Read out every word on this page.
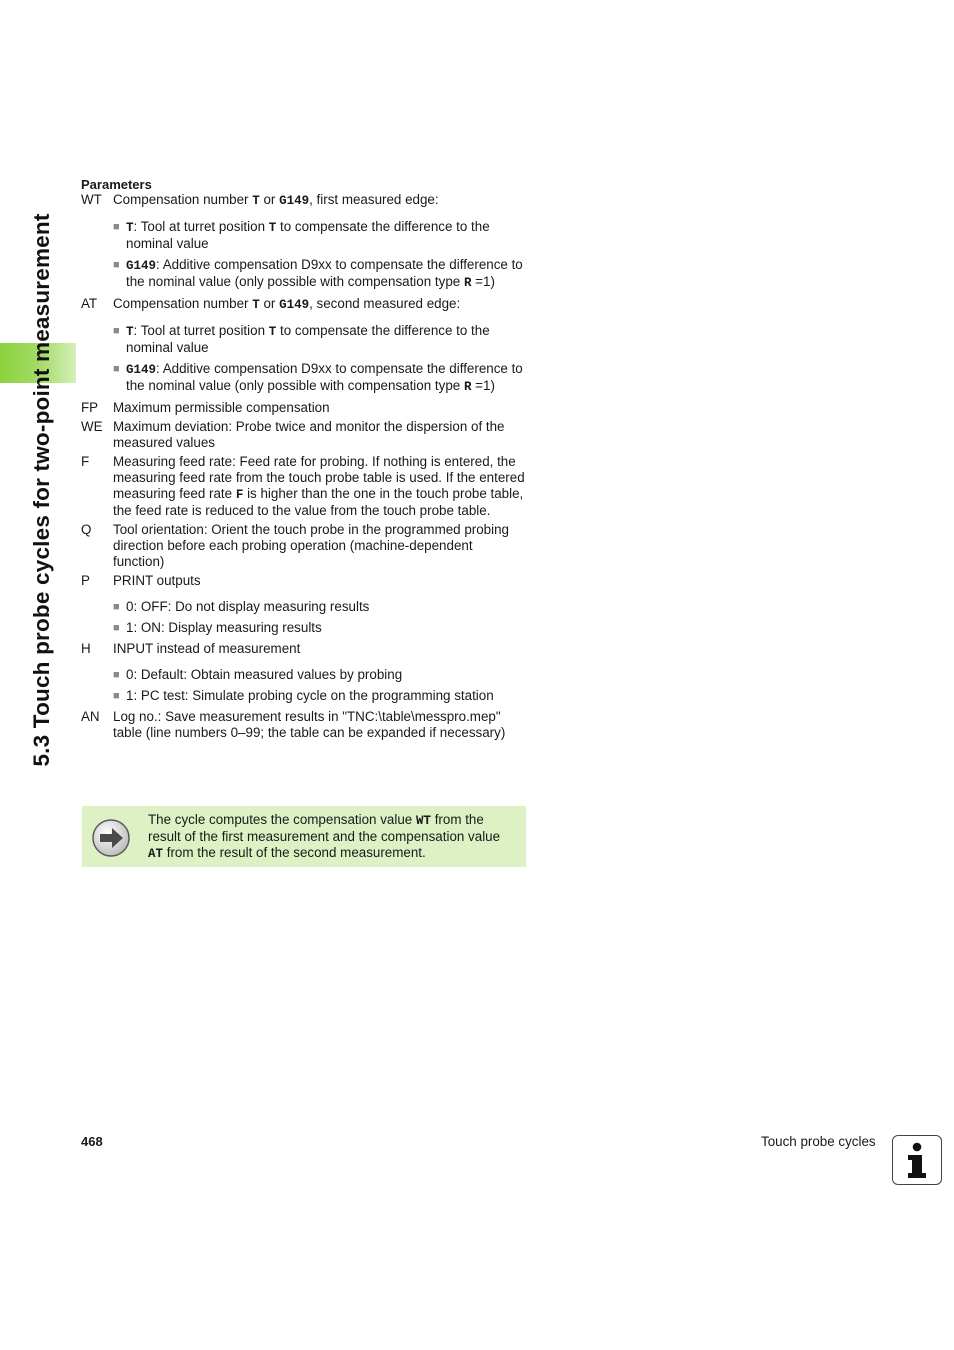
5.3 Touch probe cycles for two-point measurement
Parameters
WT Compensation number T or G149, first measured edge:
■ T: Tool at turret position T to compensate the difference to the nominal value
■ G149: Additive compensation D9xx to compensate the difference to the nominal value (only possible with compensation type R =1)
AT	Compensation number T or G149, second measured edge:
■ T: Tool at turret position T to compensate the difference to the nominal value
■ G149: Additive compensation D9xx to compensate the difference to the nominal value (only possible with compensation type R =1)
FP	Maximum permissible compensation
WE Maximum deviation: Probe twice and monitor the dispersion of the measured values
F	Measuring feed rate: Feed rate for probing. If nothing is entered, the measuring feed rate from the touch probe table is used. If the entered measuring feed rate F is higher than the one in the touch probe table, the feed rate is reduced to the value from the touch probe table.
Q	Tool orientation: Orient the touch probe in the programmed probing direction before each probing operation (machine-dependent function)
P	PRINT outputs
■ 0: OFF: Do not display measuring results
■ 1: ON: Display measuring results
H	INPUT instead of measurement
■ 0: Default: Obtain measured values by probing
■ 1: PC test: Simulate probing cycle on the programming station
AN Log no.: Save measurement results in "TNC:\table\messpro.mep" table (line numbers 0–99; the table can be expanded if necessary)
The cycle computes the compensation value WT from the result of the first measurement and the compensation value AT from the result of the second measurement.
468	Touch probe cycles
